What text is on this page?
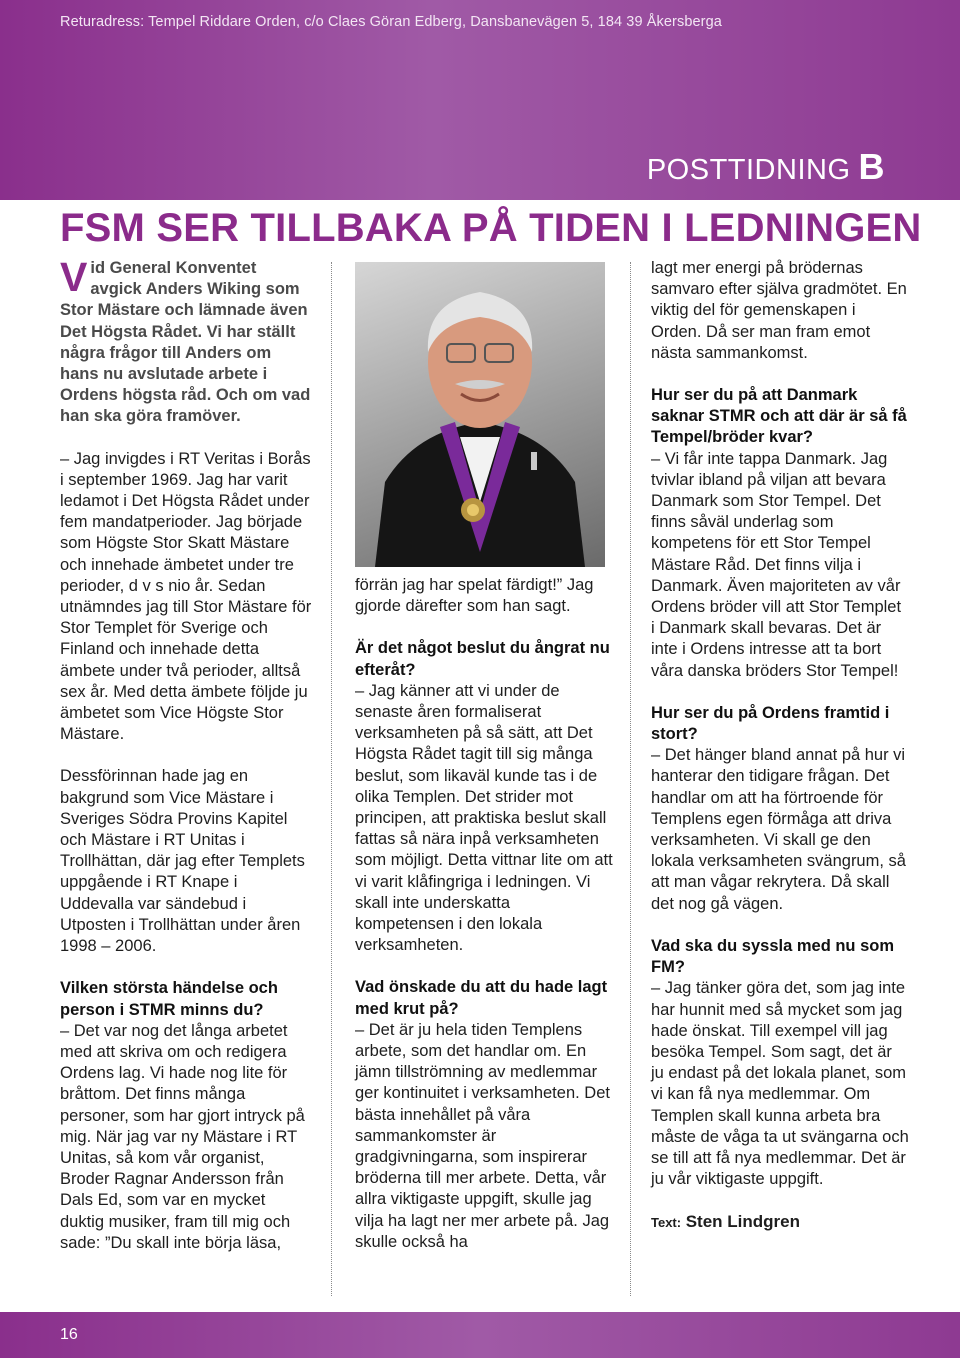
Returadress: Tempel Riddare Orden, c/o Claes Göran Edberg, Dansbanevägen 5, 184 39 Åkersberga
POSTTIDNING B
FSM SER TILLBAKA PÅ TIDEN I LEDNINGEN

Vid General Konventet avgick Anders Wiking som Stor Mästare och lämnade även Det Högsta Rådet. Vi har ställt några frågor till Anders om hans nu avslutade arbete i Ordens högsta råd. Och om vad han ska göra framöver.

– Jag invigdes i RT Veritas i Borås i september 1969. Jag har varit ledamot i Det Högsta Rådet under fem mandatperioder. Jag började som Högste Stor Skatt Mästare och innehade ämbetet under tre perioder, d v s nio år. Sedan utnämndes jag till Stor Mästare för Stor Templet för Sverige och Finland och innehade detta ämbete under två perioder, alltså sex år. Med detta ämbete följde ju ämbetet som Vice Högste Stor Mästare.

Dessförinnan hade jag en bakgrund som Vice Mästare i Sveriges Södra Provins Kapitel och Mästare i RT Unitas i Trollhättan, där jag efter Templets uppgående i RT Knape i Uddevalla var sändebud i Utposten i Trollhättan under åren 1998 – 2006.

Vilken största händelse och person i STMR minns du?

– Det var nog det långa arbetet med att skriva om och redigera Ordens lag. Vi hade nog lite för bråttom. Det finns många personer, som har gjort intryck på mig. När jag var ny Mästare i RT Unitas, så kom vår organist, Broder Ragnar Andersson från Dals Ed, som var en mycket duktig musiker, fram till mig och sade: ”Du skall inte börja läsa,

förrän jag har spelat färdigt!” Jag gjorde därefter som han sagt.

Är det något beslut du ångrat nu efteråt?

– Jag känner att vi under de senaste åren formaliserat verksamheten på så sätt, att Det Högsta Rådet tagit till sig många beslut, som likaväl kunde tas i de olika Templen. Det strider mot principen, att praktiska beslut skall fattas så nära inpå verksamheten som möjligt. Detta vittnar lite om att vi varit klåfingriga i ledningen. Vi skall inte underskatta kompetensen i den lokala verksamheten.

Vad önskade du att du hade lagt med krut på?

– Det är ju hela tiden Templens arbete, som det handlar om. En jämn tillströmning av medlemmar ger kontinuitet i verksamheten. Det bästa innehållet på våra sammankomster är gradgivningarna, som inspirerar bröderna till mer arbete. Detta, vår allra viktigaste uppgift, skulle jag vilja ha lagt ner mer arbete på. Jag skulle också ha

lagt mer energi på brödernas samvaro efter själva gradmötet. En viktig del för gemenskapen i Orden. Då ser man fram emot nästa sammankomst.

Hur ser du på att Danmark saknar STMR och att där är så få Tempel/bröder kvar?

– Vi får inte tappa Danmark. Jag tvivlar ibland på viljan att bevara Danmark som Stor Tempel. Det finns såväl underlag som kompetens för ett Stor Tempel Mästare Råd. Det finns vilja i Danmark. Även majoriteten av vår Ordens bröder vill att Stor Templet i Danmark skall bevaras. Det är inte i Ordens intresse att ta bort våra danska bröders Stor Tempel!

Hur ser du på Ordens framtid i stort?

– Det hänger bland annat på hur vi hanterar den tidigare frågan. Det handlar om att ha förtroende för Templens egen förmåga att driva verksamheten. Vi skall ge den lokala verksamheten svängrum, så att man vågar rekrytera. Då skall det nog gå vägen.

Vad ska du syssla med nu som FM?

– Jag tänker göra det, som jag inte har hunnit med så mycket som jag hade önskat. Till exempel vill jag besöka Tempel. Som sagt, det är ju endast på det lokala planet, som vi kan få nya medlemmar. Om Templen skall kunna arbeta bra måste de våga ta ut svängarna och se till att få nya medlemmar. Det är ju vår viktigaste uppgift.

Text: Sten Lindgren

16
